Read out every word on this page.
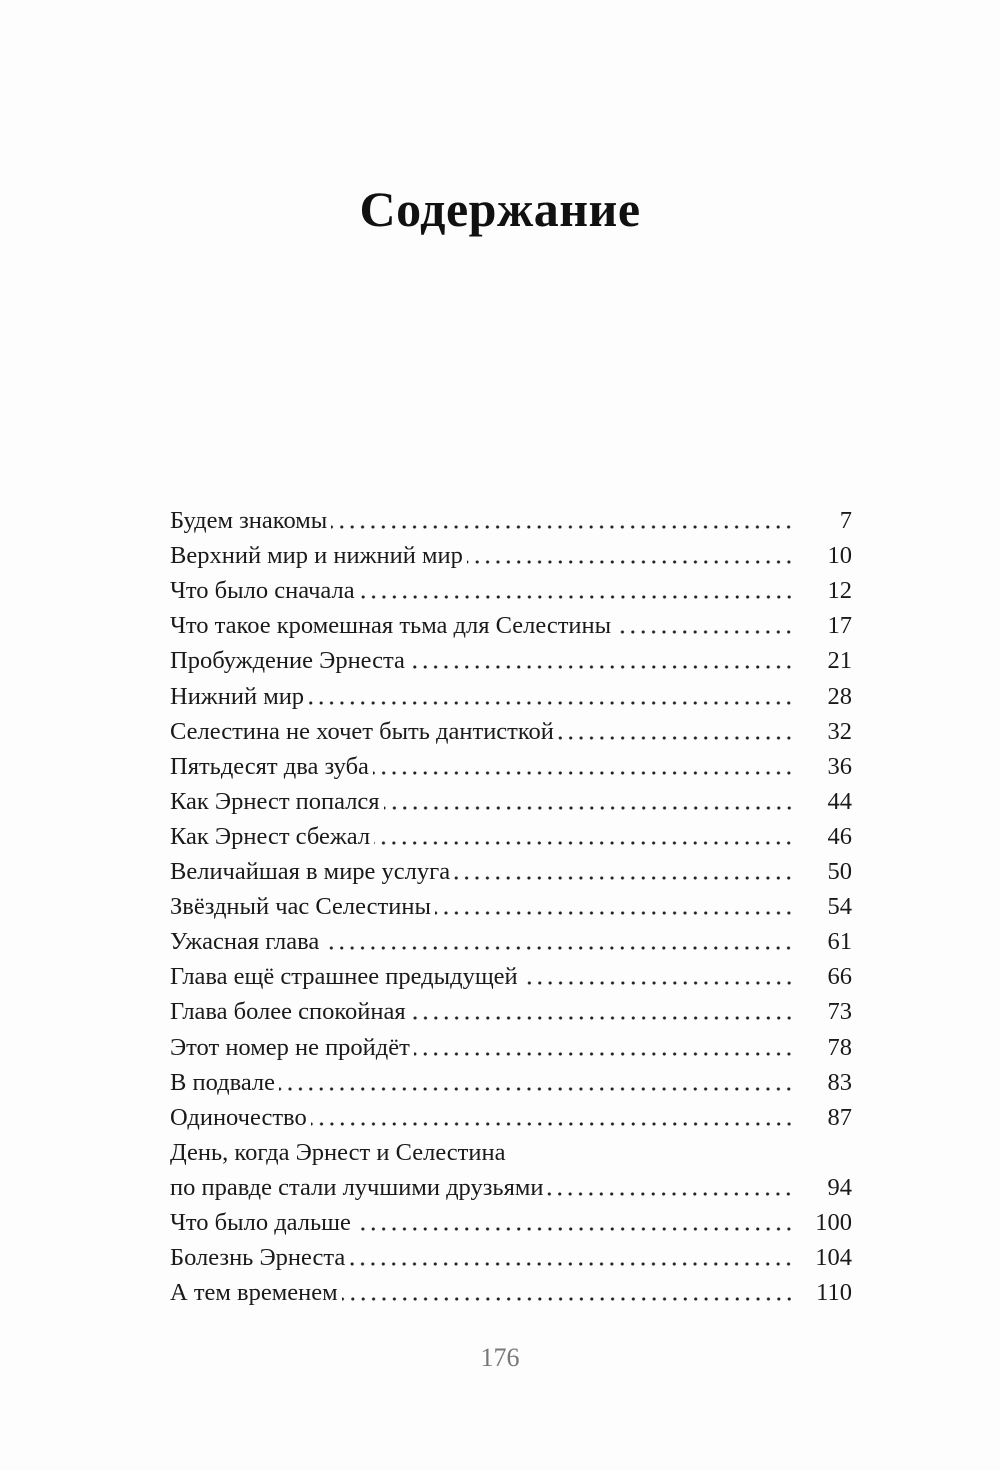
Содержание
Будем знакомы	7
Верхний мир и нижний мир	10
Что было сначала	12
Что такое кромешная тьма для Селестины	17
Пробуждение Эрнеста	21
Нижний мир	28
Селестина не хочет быть дантисткой	32
Пятьдесят два зуба	36
Как Эрнест попался	44
Как Эрнест сбежал	46
Величайшая в мире услуга	50
Звёздный час Селестины	54
Ужасная глава	61
Глава ещё страшнее предыдущей	66
Глава более спокойная	73
Этот номер не пройдёт	78
В подвале	83
Одиночество	87
День, когда Эрнест и Селестина
по правде стали лучшими друзьями	94
Что было дальше	100
Болезнь Эрнеста	104
А тем временем	110
176
